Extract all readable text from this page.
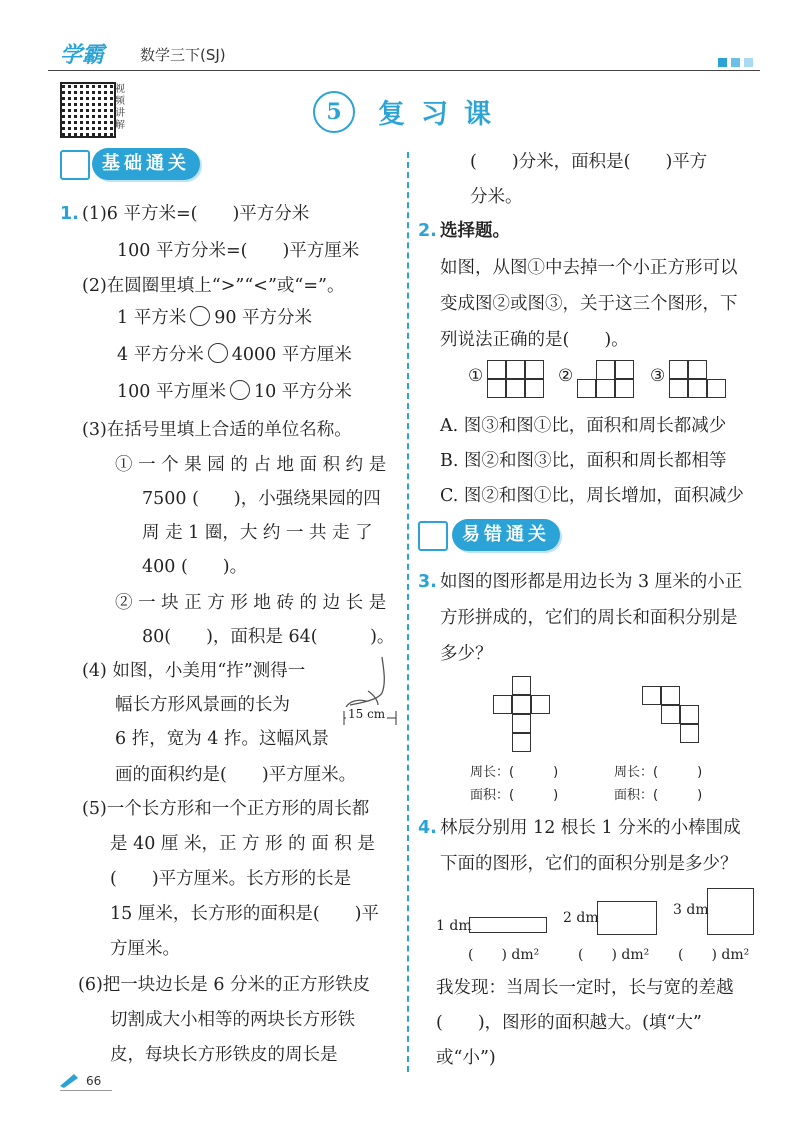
学霸 数学三下(SJ)
视频讲解
5	复习课
基础通关
1. (1)6 平方米=(　　)平方分米
100 平方分米=(　　)平方厘米
(2)在圆圈里填上“>”“<”或“=”。
1 平方米 90 平方分米
4 平方分米 4000 平方厘米
100 平方厘米 10 平方分米
(3)在括号里填上合适的单位名称。
① 一 个 果 园 的 占 地 面 积 约 是
7500 (　　)，小强绕果园的四
周 走 1 圈，大 约 一 共 走 了
400 (　　)。
② 一 块 正 方 形 地 砖 的 边 长 是
80(　　)，面积是 64(　　　)。
(4) 如图，小美用“拃”测得一
幅长方形风景画的长为
6 拃，宽为 4 拃。这幅风景
画的面积约是(　　)平方厘米。
15 cm
(5)一个长方形和一个正方形的周长都
是 40 厘 米，正 方 形 的 面 积 是
(　　)平方厘米。长方形的长是
15 厘米，长方形的面积是(　　)平
方厘米。
(6)把一块边长是 6 分米的正方形铁皮
切割成大小相等的两块长方形铁
皮，每块长方形铁皮的周长是
(　　)分米，面积是(　　)平方
分米。
2. 选择题。
如图，从图①中去掉一个小正方形可以
变成图②或图③，关于这三个图形，下
列说法正确的是(　　)。
①	②	③
A. 图③和图①比，面积和周长都减少
B. 图②和图③比，面积和周长都相等
C. 图②和图①比，周长增加，面积减少
易错通关
3. 如图的图形都是用边长为 3 厘米的小正
方形拼成的，它们的周长和面积分别是
多少？
周长：(　　　)
面积：(　　　)
周长：(　　　)
面积：(　　　)
4. 林辰分别用 12 根长 1 分米的小棒围成
下面的图形，它们的面积分别是多少？
1 dm	2 dm	3 dm
(　　) dm²	(　　) dm² (　　) dm²
我发现：当周长一定时，长与宽的差越
(　　)，图形的面积越大。(填“大”
或“小”)
66
